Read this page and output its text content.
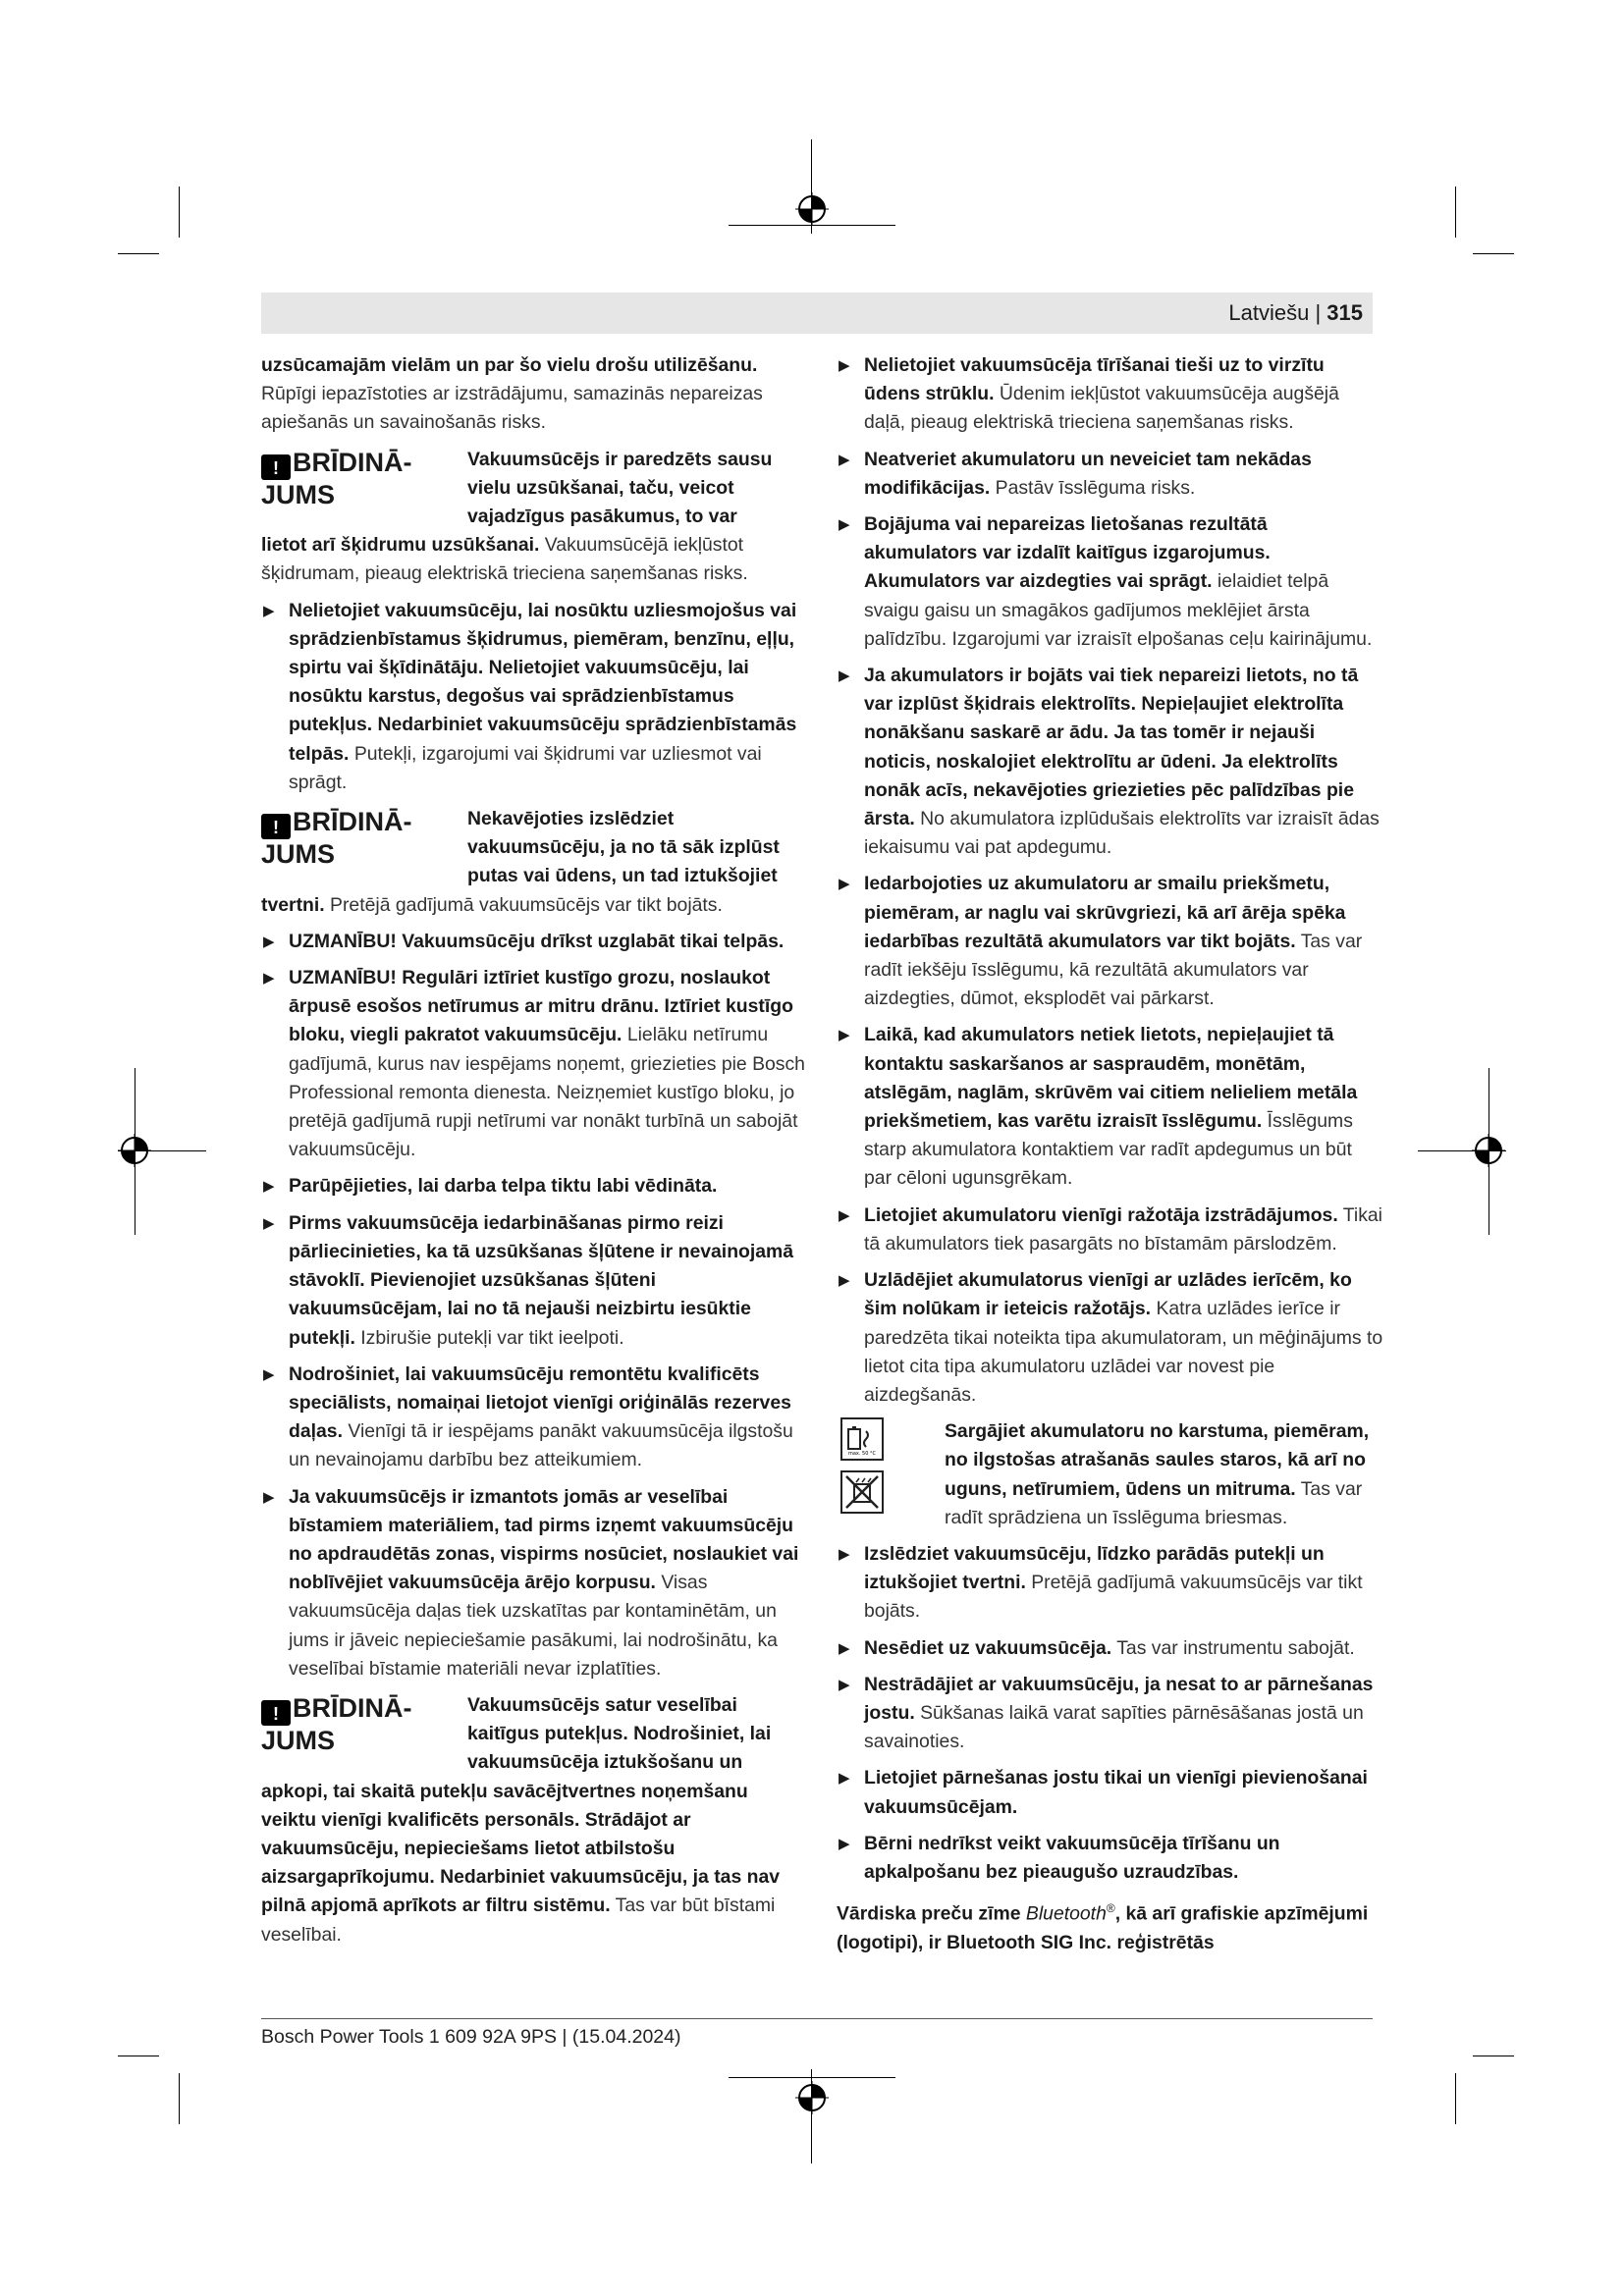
Latviešu | 315

uzsūcamajām vielām un par šo vielu drošu utilizēšanu. Rūpīgi iepazīstoties ar izstrādājumu, samazinās nepareizas apiešanās un savainošanās risks.

! BRĪDINĀ-
JUMS
Vakuumsūcējs ir paredzēts sausu vielu uzsūkšanai, taču, veicot vajadzīgus pasākumus, to var

lietot arī šķidrumu uzsūkšanai. Vakuumsūcējā iekļūstot šķidrumam, pieaug elektriskā trieciena saņemšanas risks.

▶ Nelietojiet vakuumsūcēju, lai nosūktu uzliesmojošus vai sprādzienbīstamus šķidrumus, piemēram, benzīnu, eļļu, spirtu vai šķīdinātāju. Nelietojiet vakuumsūcēju, lai nosūktu karstus, degošus vai sprādzienbīstamus putekļus. Nedarbiniet vakuumsūcēju sprādzienbīstamās telpās. Putekļi, izgarojumi vai šķidrumi var uzliesmot vai sprāgt.

! BRĪDINĀ-
JUMS
Nekavējoties izslēdziet vakuumsūcēju, ja no tā sāk izplūst putas vai ūdens, un tad iztukšojiet

tvertni. Pretējā gadījumā vakuumsūcējs var tikt bojāts.

▶ UZMANĪBU! Vakuumsūcēju drīkst uzglabāt tikai telpās.

▶ UZMANĪBU! Regulāri iztīriet kustīgo grozu, noslaukot ārpusē esošos netīrumus ar mitru drānu. Iztīriet kustīgo bloku, viegli pakratot vakuumsūcēju. Lielāku netīrumu gadījumā, kurus nav iespējams noņemt, griezieties pie Bosch Professional remonta dienesta. Neizņemiet kustīgo bloku, jo pretējā gadījumā rupji netīrumi var nonākt turbīnā un sabojāt vakuumsūcēju.

▶ Parūpējieties, lai darba telpa tiktu labi vēdināta.

▶ Pirms vakuumsūcēja iedarbināšanas pirmo reizi pārliecinieties, ka tā uzsūkšanas šļūtene ir nevainojamā stāvoklī. Pievienojiet uzsūkšanas šļūteni vakuumsūcējam, lai no tā nejauši neizbirtu iesūktie putekļi. Izbirušie putekļi var tikt ieelpoti.

▶ Nodrošiniet, lai vakuumsūcēju remontētu kvalificēts speciālists, nomaiņai lietojot vienīgi oriģinālās rezerves daļas. Vienīgi tā ir iespējams panākt vakuumsūcēja ilgstošu un nevainojamu darbību bez atteikumiem.

▶ Ja vakuumsūcējs ir izmantots jomās ar veselībai bīstamiem materiāliem, tad pirms izņemt vakuumsūcēju no apdraudētās zonas, vispirms nosūciet, noslaukiet vai noblīvējiet vakuumsūcēja ārējo korpusu. Visas vakuumsūcēja daļas tiek uzskatītas par kontaminētām, un jums ir jāveic nepieciešamie pasākumi, lai nodrošinātu, ka veselībai bīstamie materiāli nevar izplatīties.

! BRĪDINĀ-
JUMS
Vakuumsūcējs satur veselībai kaitīgus putekļus. Nodrošiniet, lai vakuumsūcēja iztukšošanu un

apkopi, tai skaitā putekļu savācējtvertnes noņemšanu veiktu vienīgi kvalificēts personāls. Strādājot ar vakuumsūcēju, nepieciešams lietot atbilstošu aizsargaprīkojumu. Nedarbiniet vakuumsūcēju, ja tas nav pilnā apjomā aprīkots ar filtru sistēmu. Tas var būt bīstami veselībai.

▶ Nelietojiet vakuumsūcēja tīrīšanai tieši uz to virzītu ūdens strūklu. Ūdenim iekļūstot vakuumsūcēja augšējā daļā, pieaug elektriskā trieciena saņemšanas risks.

▶ Neatveriet akumulatoru un neveiciet tam nekādas modifikācijas. Pastāv īsslēguma risks.

▶ Bojājuma vai nepareizas lietošanas rezultātā akumulators var izdalīt kaitīgus izgarojumus. Akumulators var aizdegties vai sprāgt. ielaidiet telpā svaigu gaisu un smagākos gadījumos meklējiet ārsta palīdzību. Izgarojumi var izraisīt elpošanas ceļu kairinājumu.

▶ Ja akumulators ir bojāts vai tiek nepareizi lietots, no tā var izplūst šķidrais elektrolīts. Nepieļaujiet elektrolīta nonākšanu saskarē ar ādu. Ja tas tomēr ir nejauši noticis, noskalojiet elektrolītu ar ūdeni. Ja elektrolīts nonāk acīs, nekavējoties griezieties pēc palīdzības pie ārsta. No akumulatora izplūdušais elektrolīts var izraisīt ādas iekaisumu vai pat apdegumu.

▶ Iedarbojoties uz akumulatoru ar smailu priekšmetu, piemēram, ar naglu vai skrūvgriezi, kā arī ārēja spēka iedarbības rezultātā akumulators var tikt bojāts. Tas var radīt iekšēju īsslēgumu, kā rezultātā akumulators var aizdegties, dūmot, eksplodēt vai pārkarst.

▶ Laikā, kad akumulators netiek lietots, nepieļaujiet tā kontaktu saskaršanos ar saspraudēm, monētām, atslēgām, naglām, skrūvēm vai citiem nelieliem metāla priekšmetiem, kas varētu izraisīt īsslēgumu. Īsslēgums starp akumulatora kontaktiem var radīt apdegumus un būt par cēloni ugunsgrēkam.

▶ Lietojiet akumulatoru vienīgi ražotāja izstrādājumos. Tikai tā akumulators tiek pasargāts no bīstamām pārslodzēm.

▶ Uzlādējiet akumulatorus vienīgi ar uzlādes ierīcēm, ko šim nolūkam ir ieteicis ražotājs. Katra uzlādes ierīce ir paredzēta tikai noteikta tipa akumulatoram, un mēģinājums to lietot cita tipa akumulatoru uzlādei var novest pie aizdegšanās.

max. 50 °C
Sargājiet akumulatoru no karstuma, piemēram, no ilgstošas atrašanās saules staros, kā arī no uguns, netīrumiem, ūdens un mitruma. Tas var radīt sprādziena un īsslēguma briesmas.

▶ Izslēdziet vakuumsūcēju, līdzko parādās putekļi un iztukšojiet tvertni. Pretējā gadījumā vakuumsūcējs var tikt bojāts.

▶ Nesēdiet uz vakuumsūcēja. Tas var instrumentu sabojāt.

▶ Nestrādājiet ar vakuumsūcēju, ja nesat to ar pārnešanas jostu. Sūkšanas laikā varat sapīties pārnēsāšanas jostā un savainoties.

▶ Lietojiet pārnešanas jostu tikai un vienīgi pievienošanai vakuumsūcējam.

▶ Bērni nedrīkst veikt vakuumsūcēja tīrīšanu un apkalpošanu bez pieaugušo uzraudzības.

Vārdiska preču zīme Bluetooth®, kā arī grafiskie apzīmējumi (logotipi), ir Bluetooth SIG Inc. reģistrētās

Bosch Power Tools 1 609 92A 9PS | (15.04.2024)
